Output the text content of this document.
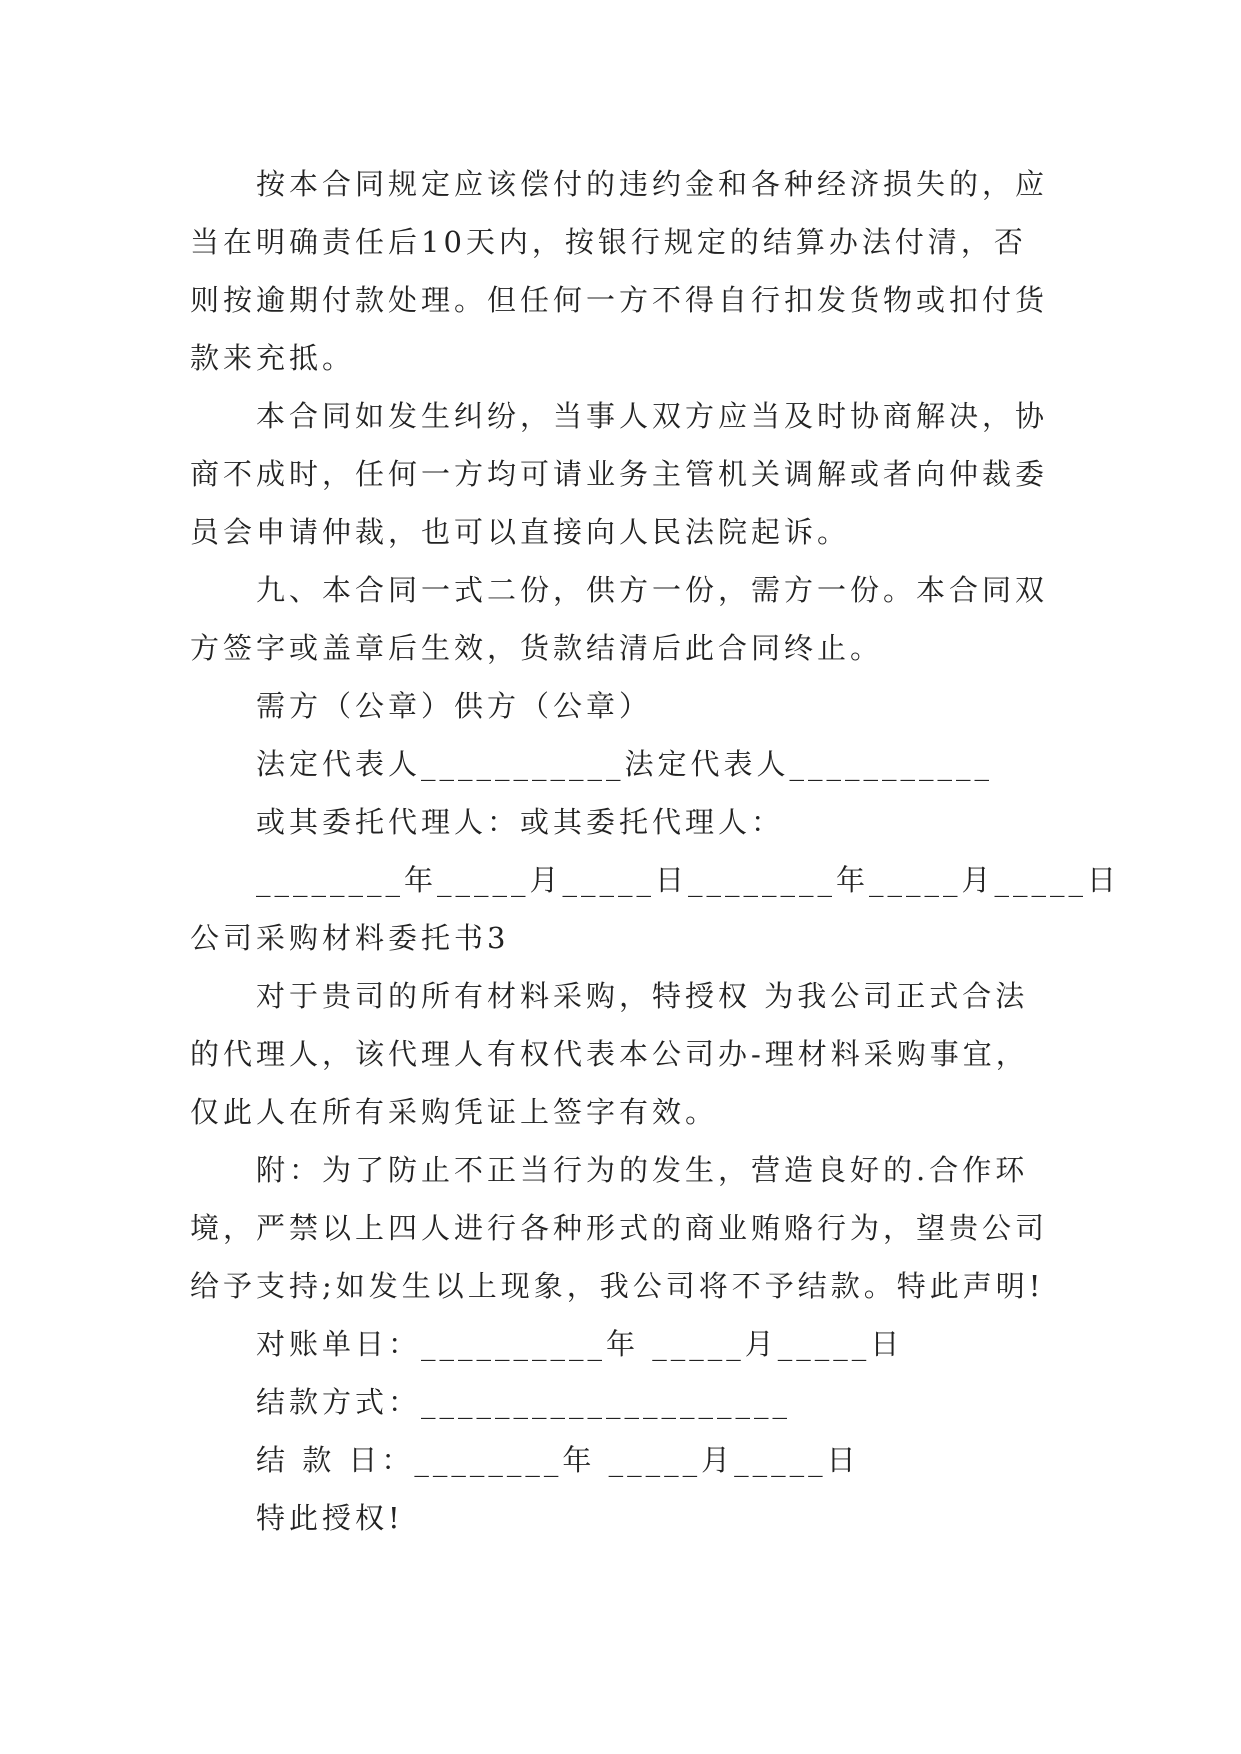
按本合同规定应该偿付的违约金和各种经济损失的，应
当在明确责任后10天内，按银行规定的结算办法付清，否
则按逾期付款处理。但任何一方不得自行扣发货物或扣付货
款来充抵。
本合同如发生纠纷，当事人双方应当及时协商解决，协
商不成时，任何一方均可请业务主管机关调解或者向仲裁委
员会申请仲裁，也可以直接向人民法院起诉。
九、本合同一式二份，供方一份，需方一份。本合同双
方签字或盖章后生效，货款结清后此合同终止。
需方（公章）供方（公章）
法定代表人___________法定代表人___________
或其委托代理人：或其委托代理人：
________年_____月_____日________年_____月_____日
公司采购材料委托书3
对于贵司的所有材料采购，特授权 为我公司正式合法
的代理人，该代理人有权代表本公司办-理材料采购事宜，
仅此人在所有采购凭证上签字有效。
附：为了防止不正当行为的发生，营造良好的.合作环
境，严禁以上四人进行各种形式的商业贿赂行为，望贵公司
给予支持;如发生以上现象，我公司将不予结款。特此声明!
对账单日：__________年 _____月_____日
结款方式：____________________
结 款 日：________年 _____月_____日
特此授权!
